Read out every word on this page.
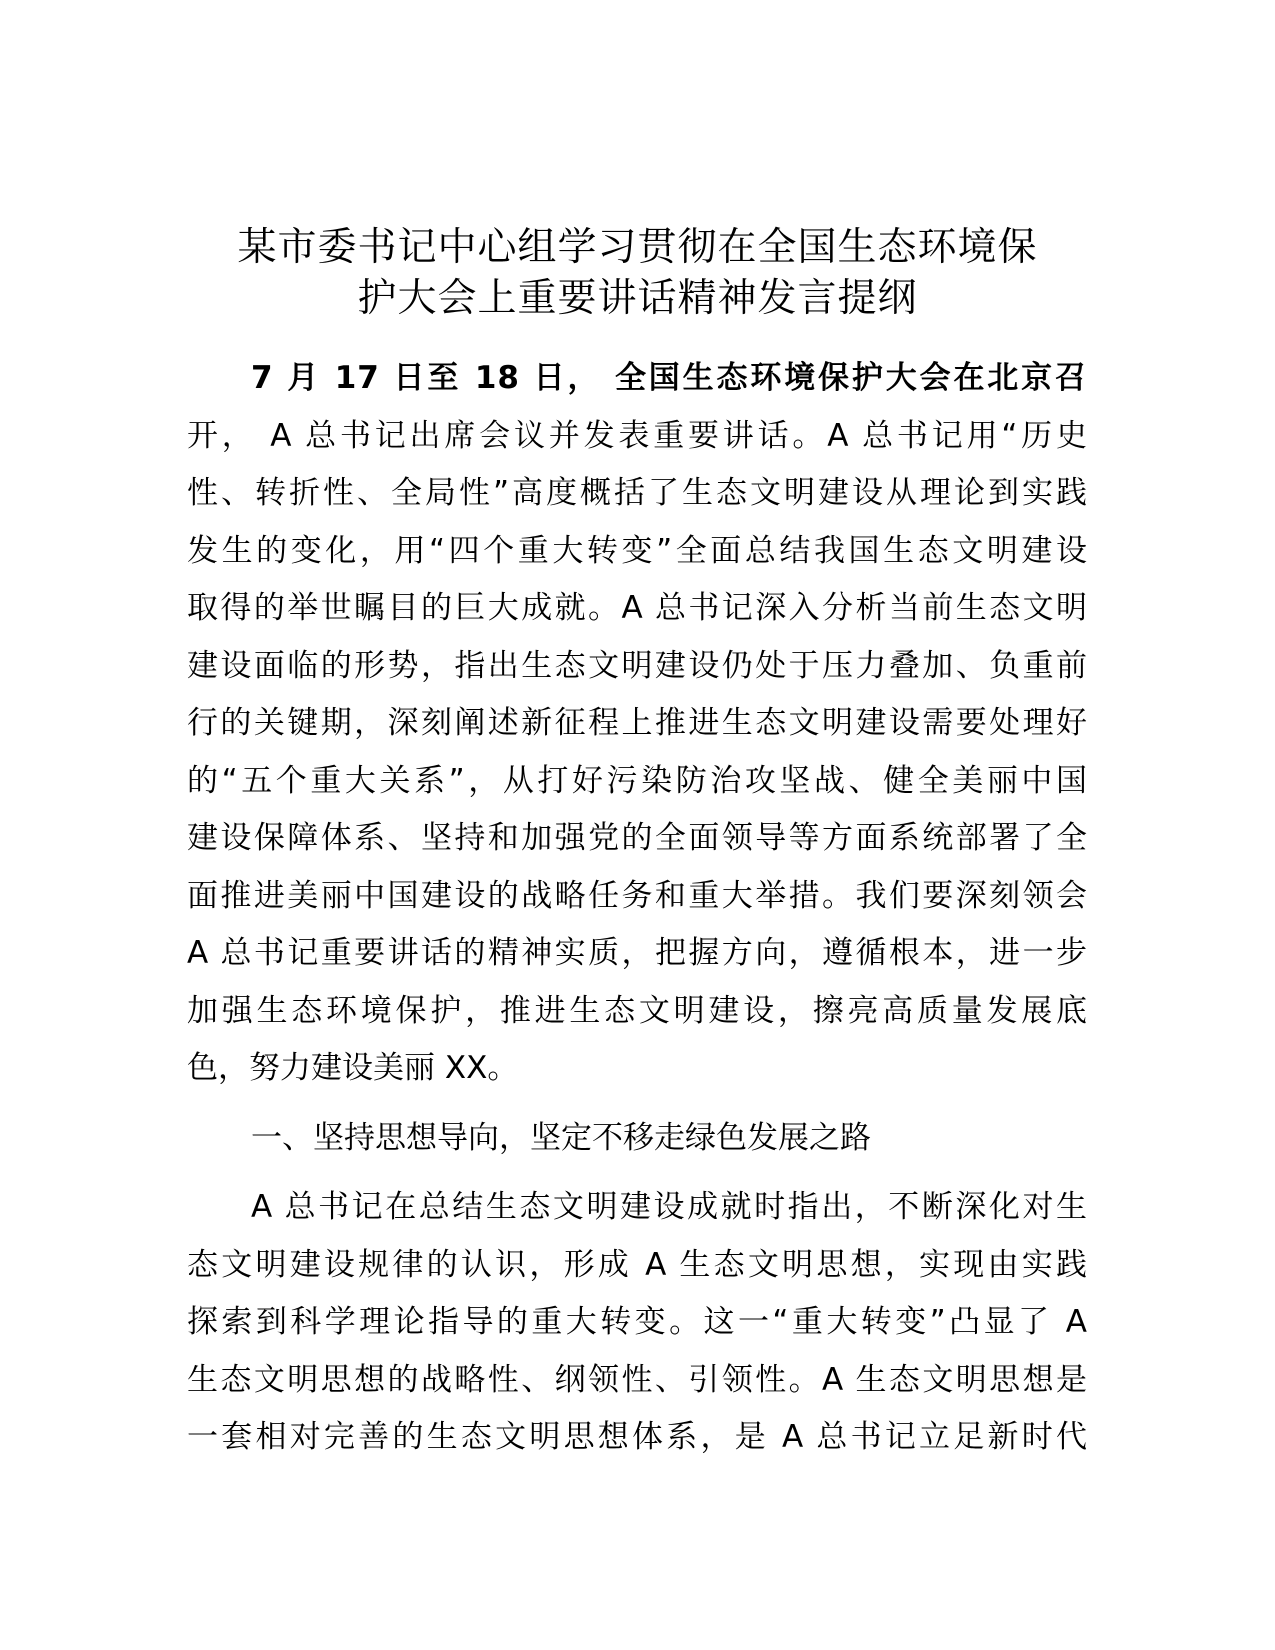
某市委书记中心组学习贯彻在全国生态环境保
护大会上重要讲话精神发言提纲
7 月 17 日至 18 日， 全国生态环境保护大会在北京召
开， A 总书记出席会议并发表重要讲话。A 总书记用“历史
性、转折性、全局性”高度概括了生态文明建设从理论到实践
发生的变化，用“四个重大转变”全面总结我国生态文明建设
取得的举世瞩目的巨大成就。A 总书记深入分析当前生态文明
建设面临的形势，指出生态文明建设仍处于压力叠加、负重前
行的关键期，深刻阐述新征程上推进生态文明建设需要处理好
的“五个重大关系”，从打好污染防治攻坚战、健全美丽中国
建设保障体系、坚持和加强党的全面领导等方面系统部署了全
面推进美丽中国建设的战略任务和重大举措。我们要深刻领会
A 总书记重要讲话的精神实质，把握方向，遵循根本，进一步
加强生态环境保护，推进生态文明建设，擦亮高质量发展底
色，努力建设美丽 XX。
一、坚持思想导向，坚定不移走绿色发展之路
A 总书记在总结生态文明建设成就时指出，不断深化对生
态文明建设规律的认识，形成 A 生态文明思想，实现由实践
探索到科学理论指导的重大转变。这一“重大转变”凸显了 A
生态文明思想的战略性、纲领性、引领性。A 生态文明思想是
一套相对完善的生态文明思想体系，是 A 总书记立足新时代
